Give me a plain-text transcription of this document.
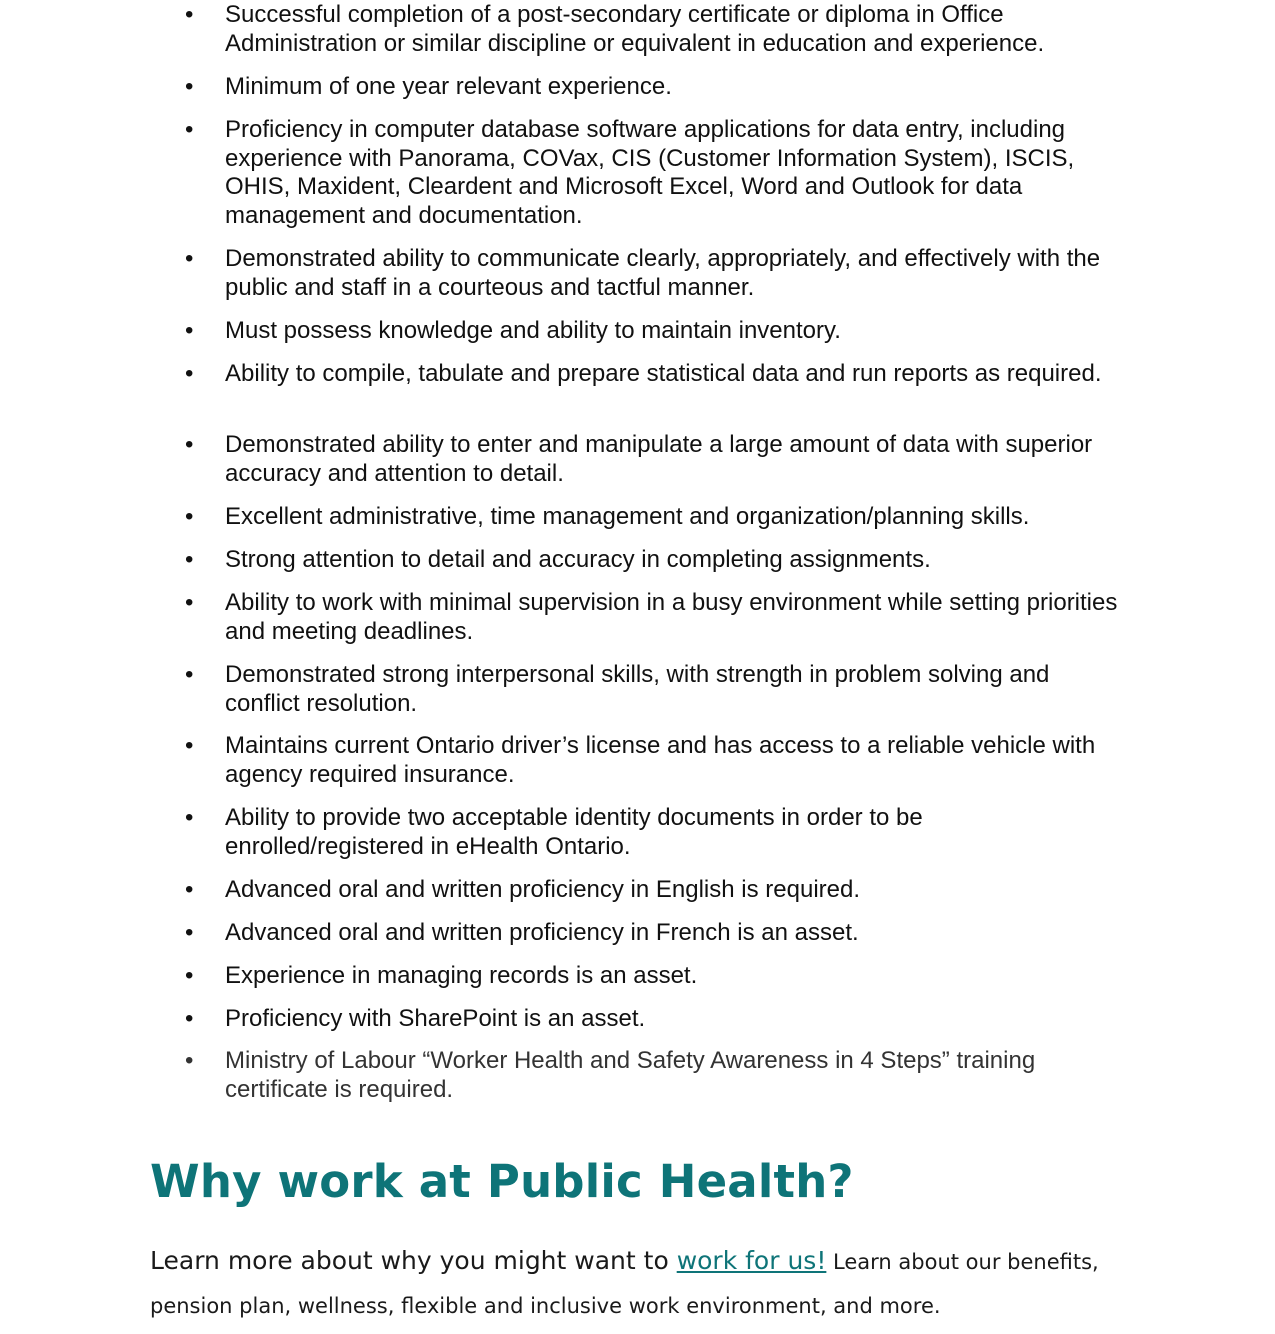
• Successful completion of a post-secondary certificate or diploma in Office Administration or similar discipline or equivalent in education and experience.
• Minimum of one year relevant experience.
• Proficiency in computer database software applications for data entry, including experience with Panorama, COVax, CIS (Customer Information System), ISCIS, OHIS, Maxident, Cleardent and Microsoft Excel, Word and Outlook for data management and documentation.
• Demonstrated ability to communicate clearly, appropriately, and effectively with the public and staff in a courteous and tactful manner.
• Must possess knowledge and ability to maintain inventory.
• Ability to compile, tabulate and prepare statistical data and run reports as required.
• Demonstrated ability to enter and manipulate a large amount of data with superior accuracy and attention to detail.
• Excellent administrative, time management and organization/planning skills.
• Strong attention to detail and accuracy in completing assignments.
• Ability to work with minimal supervision in a busy environment while setting priorities and meeting deadlines.
• Demonstrated strong interpersonal skills, with strength in problem solving and conflict resolution.
• Maintains current Ontario driver’s license and has access to a reliable vehicle with agency required insurance.
• Ability to provide two acceptable identity documents in order to be enrolled/registered in eHealth Ontario.
• Advanced oral and written proficiency in English is required.
• Advanced oral and written proficiency in French is an asset.
• Experience in managing records is an asset.
• Proficiency with SharePoint is an asset.
• Ministry of Labour “Worker Health and Safety Awareness in 4 Steps” training certificate is required.
Why work at Public Health?

Learn more about why you might want to work for us! Learn about our benefits, pension plan, wellness, flexible and inclusive work environment, and more.
